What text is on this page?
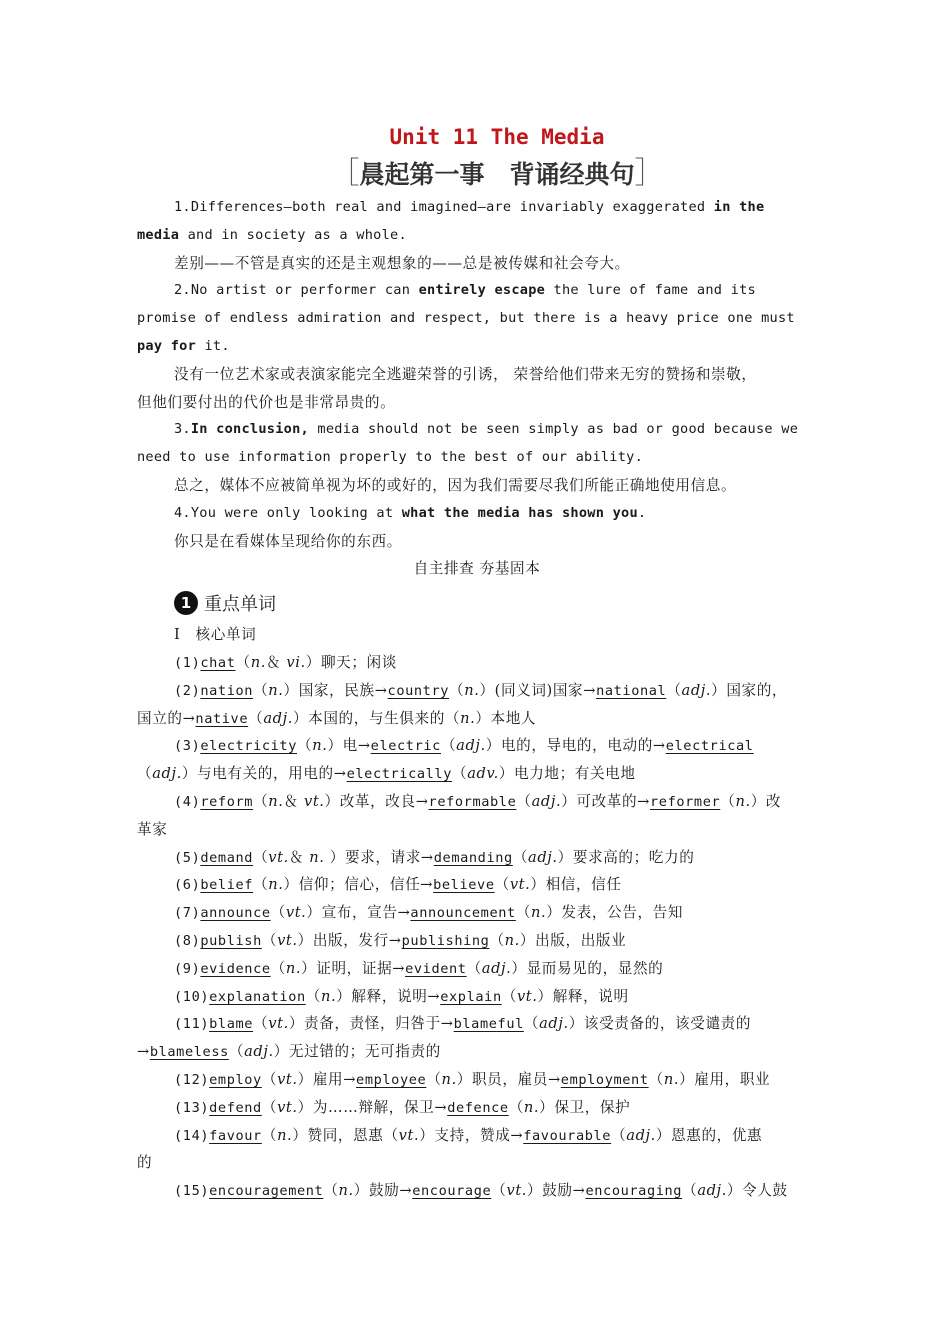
Unit 11 The Media
［晨起第一事　背诵经典句］
1.Differences—both real and imagined—are invariably exaggerated in the
media and in society as a whole.
差别——不管是真实的还是主观想象的——总是被传媒和社会夸大。
2.No artist or performer can entirely escape the lure of fame and its
promise of endless admiration and respect, but there is a heavy price one must
pay for it.
没有一位艺术家或表演家能完全逃避荣誉的引诱， 荣誉给他们带来无穷的赞扬和崇敬，
但他们要付出的代价也是非常昂贵的。
3.In conclusion, media should not be seen simply as bad or good because we
need to use information properly to the best of our ability.
总之，媒体不应被简单视为坏的或好的，因为我们需要尽我们所能正确地使用信息。
4.You were only looking at what the media has shown you.
你只是在看媒体呈现给你的东西。
自主排查 夯基固本
1 重点单词
Ⅰ　核心单词
(1)chat（n.＆ vi.）聊天；闲谈
(2)nation（n.）国家，民族→country（n.）(同义词)国家→national（adj.）国家的，
国立的→native（adj.）本国的，与生俱来的（n.）本地人
(3)electricity（n.）电→electric（adj.）电的，导电的，电动的→electrical
（adj.）与电有关的，用电的→electrically（adv.）电力地；有关电地
(4)reform（n.＆ vt.）改革，改良→reformable（adj.）可改革的→reformer（n.）改
革家
(5)demand（vt.＆ n. ）要求，请求→demanding（adj.）要求高的；吃力的
(6)belief（n.）信仰；信心，信任→believe（vt.）相信，信任
(7)announce（vt.）宣布，宣告→announcement（n.）发表，公告，告知
(8)publish（vt.）出版，发行→publishing（n.）出版，出版业
(9)evidence（n.）证明，证据→evident（adj.）显而易见的，显然的
(10)explanation（n.）解释，说明→explain（vt.）解释，说明
(11)blame（vt.）责备，责怪，归咎于→blameful（adj.）该受责备的，该受谴责的
→blameless（adj.）无过错的；无可指责的
(12)employ（vt.）雇用→employee（n.）职员，雇员→employment（n.）雇用，职业
(13)defend（vt.）为……辩解，保卫→defence（n.）保卫，保护
(14)favour（n.）赞同，恩惠（vt.）支持，赞成→favourable（adj.）恩惠的，优惠
的
(15)encouragement（n.）鼓励→encourage（vt.）鼓励→encouraging（adj.）令人鼓
